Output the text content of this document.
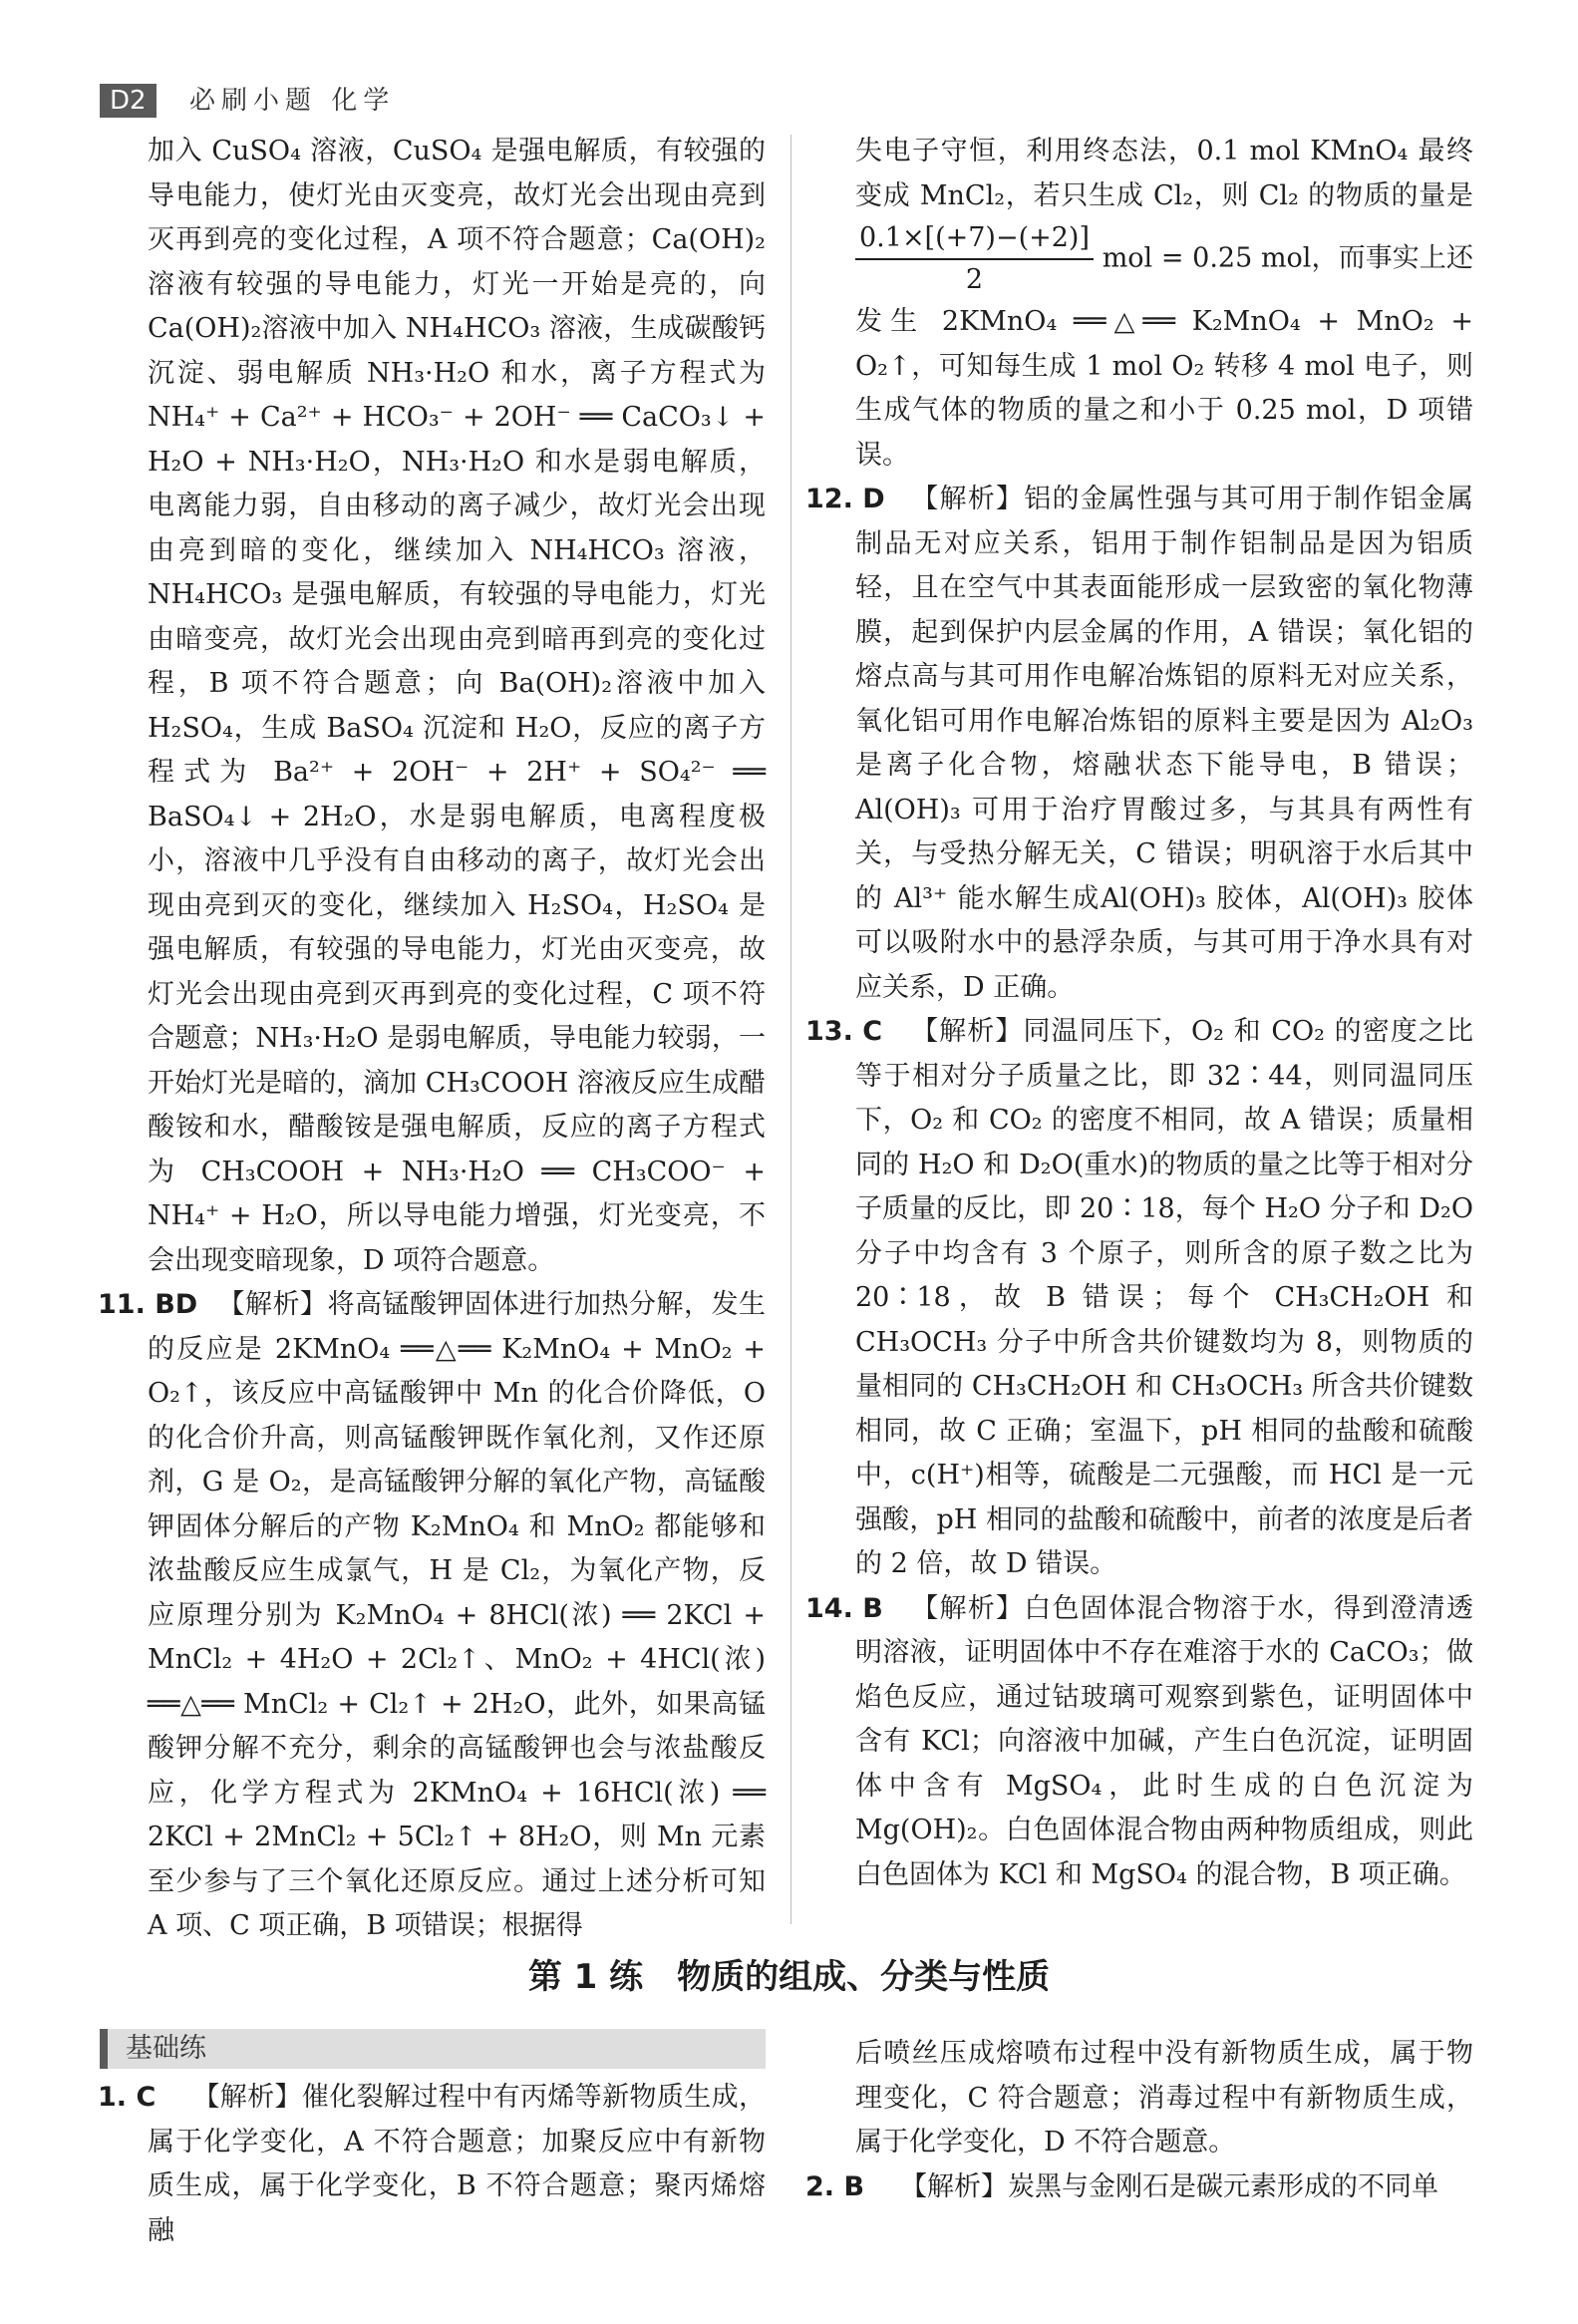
D2	必刷小题 化学

加入 CuSO₄ 溶液，CuSO₄ 是强电解质，有较强的导电能力，使灯光由灭变亮，故灯光会出现由亮到灭再到亮的变化过程，A 项不符合题意；Ca(OH)₂ 溶液有较强的导电能力，灯光一开始是亮的，向 Ca(OH)₂溶液中加入 NH₄HCO₃ 溶液，生成碳酸钙沉淀、弱电解质 NH₃·H₂O 和水，离子方程式为 NH₄⁺ + Ca²⁺ + HCO₃⁻ + 2OH⁻ ══ CaCO₃↓ + H₂O + NH₃·H₂O，NH₃·H₂O 和水是弱电解质，电离能力弱，自由移动的离子减少，故灯光会出现由亮到暗的变化，继续加入 NH₄HCO₃ 溶液，NH₄HCO₃ 是强电解质，有较强的导电能力，灯光由暗变亮，故灯光会出现由亮到暗再到亮的变化过程，B 项不符合题意；向 Ba(OH)₂溶液中加入 H₂SO₄，生成 BaSO₄ 沉淀和 H₂O，反应的离子方程式为 Ba²⁺ + 2OH⁻ + 2H⁺ + SO₄²⁻ ══ BaSO₄↓ + 2H₂O，水是弱电解质，电离程度极小，溶液中几乎没有自由移动的离子，故灯光会出现由亮到灭的变化，继续加入 H₂SO₄，H₂SO₄ 是强电解质，有较强的导电能力，灯光由灭变亮，故灯光会出现由亮到灭再到亮的变化过程，C 项不符合题意；NH₃·H₂O 是弱电解质，导电能力较弱，一开始灯光是暗的，滴加 CH₃COOH 溶液反应生成醋酸铵和水，醋酸铵是强电解质，反应的离子方程式为 CH₃COOH + NH₃·H₂O ══ CH₃COO⁻ + NH₄⁺ + H₂O，所以导电能力增强，灯光变亮，不会出现变暗现象，D 项符合题意。

11. BD 【解析】将高锰酸钾固体进行加热分解，发生的反应是 2KMnO₄ ══△══ K₂MnO₄ + MnO₂ + O₂↑，该反应中高锰酸钾中 Mn 的化合价降低，O 的化合价升高，则高锰酸钾既作氧化剂，又作还原剂，G 是 O₂，是高锰酸钾分解的氧化产物，高锰酸钾固体分解后的产物 K₂MnO₄ 和 MnO₂ 都能够和浓盐酸反应生成氯气，H 是 Cl₂，为氧化产物，反应原理分别为 K₂MnO₄ + 8HCl(浓) ══ 2KCl + MnCl₂ + 4H₂O + 2Cl₂↑、MnO₂ + 4HCl(浓) ══△══ MnCl₂ + Cl₂↑ + 2H₂O，此外，如果高锰酸钾分解不充分，剩余的高锰酸钾也会与浓盐酸反应，化学方程式为 2KMnO₄ + 16HCl(浓) ══ 2KCl + 2MnCl₂ + 5Cl₂↑ + 8H₂O，则 Mn 元素至少参与了三个氧化还原反应。通过上述分析可知 A 项、C 项正确，B 项错误；根据得

失电子守恒，利用终态法，0.1 mol KMnO₄ 最终变成 MnCl₂，若只生成 Cl₂，则 Cl₂ 的物质的量是
$\frac{0.1\times[(+7)-(+2)]}{2}$ mol = 0.25 mol，而事实上还发生 2KMnO₄ ══△══ K₂MnO₄ + MnO₂ + O₂↑，可知每生成 1 mol O₂ 转移 4 mol 电子，则生成气体的物质的量之和小于 0.25 mol，D 项错误。

12. D 【解析】铝的金属性强与其可用于制作铝金属制品无对应关系，铝用于制作铝制品是因为铝质轻，且在空气中其表面能形成一层致密的氧化物薄膜，起到保护内层金属的作用，A 错误；氧化铝的熔点高与其可用作电解冶炼铝的原料无对应关系，氧化铝可用作电解冶炼铝的原料主要是因为 Al₂O₃ 是离子化合物，熔融状态下能导电，B 错误；Al(OH)₃ 可用于治疗胃酸过多，与其具有两性有关，与受热分解无关，C 错误；明矾溶于水后其中的 Al³⁺ 能水解生成Al(OH)₃ 胶体，Al(OH)₃ 胶体可以吸附水中的悬浮杂质，与其可用于净水具有对应关系，D 正确。

13. C 【解析】同温同压下，O₂ 和 CO₂ 的密度之比等于相对分子质量之比，即 32∶44，则同温同压下，O₂ 和 CO₂ 的密度不相同，故 A 错误；质量相同的 H₂O 和 D₂O(重水)的物质的量之比等于相对分子质量的反比，即 20∶18，每个 H₂O 分子和 D₂O 分子中均含有 3 个原子，则所含的原子数之比为 20∶18，故 B 错误；每个 CH₃CH₂OH 和 CH₃OCH₃ 分子中所含共价键数均为 8，则物质的量相同的 CH₃CH₂OH 和 CH₃OCH₃ 所含共价键数相同，故 C 正确；室温下，pH 相同的盐酸和硫酸中，c(H⁺)相等，硫酸是二元强酸，而 HCl 是一元强酸，pH 相同的盐酸和硫酸中，前者的浓度是后者的 2 倍，故 D 错误。

14. B 【解析】白色固体混合物溶于水，得到澄清透明溶液，证明固体中不存在难溶于水的 CaCO₃；做焰色反应，通过钴玻璃可观察到紫色，证明固体中含有 KCl；向溶液中加碱，产生白色沉淀，证明固体中含有 MgSO₄，此时生成的白色沉淀为 Mg(OH)₂。白色固体混合物由两种物质组成，则此白色固体为 KCl 和 MgSO₄ 的混合物，B 项正确。

第 1 练　物质的组成、分类与性质
基础练

1. C 【解析】催化裂解过程中有丙烯等新物质生成，属于化学变化，A 不符合题意；加聚反应中有新物质生成，属于化学变化，B 不符合题意；聚丙烯熔融

后喷丝压成熔喷布过程中没有新物质生成，属于物理变化，C 符合题意；消毒过程中有新物质生成，属于化学变化，D 不符合题意。

2. B 【解析】炭黑与金刚石是碳元素形成的不同单
